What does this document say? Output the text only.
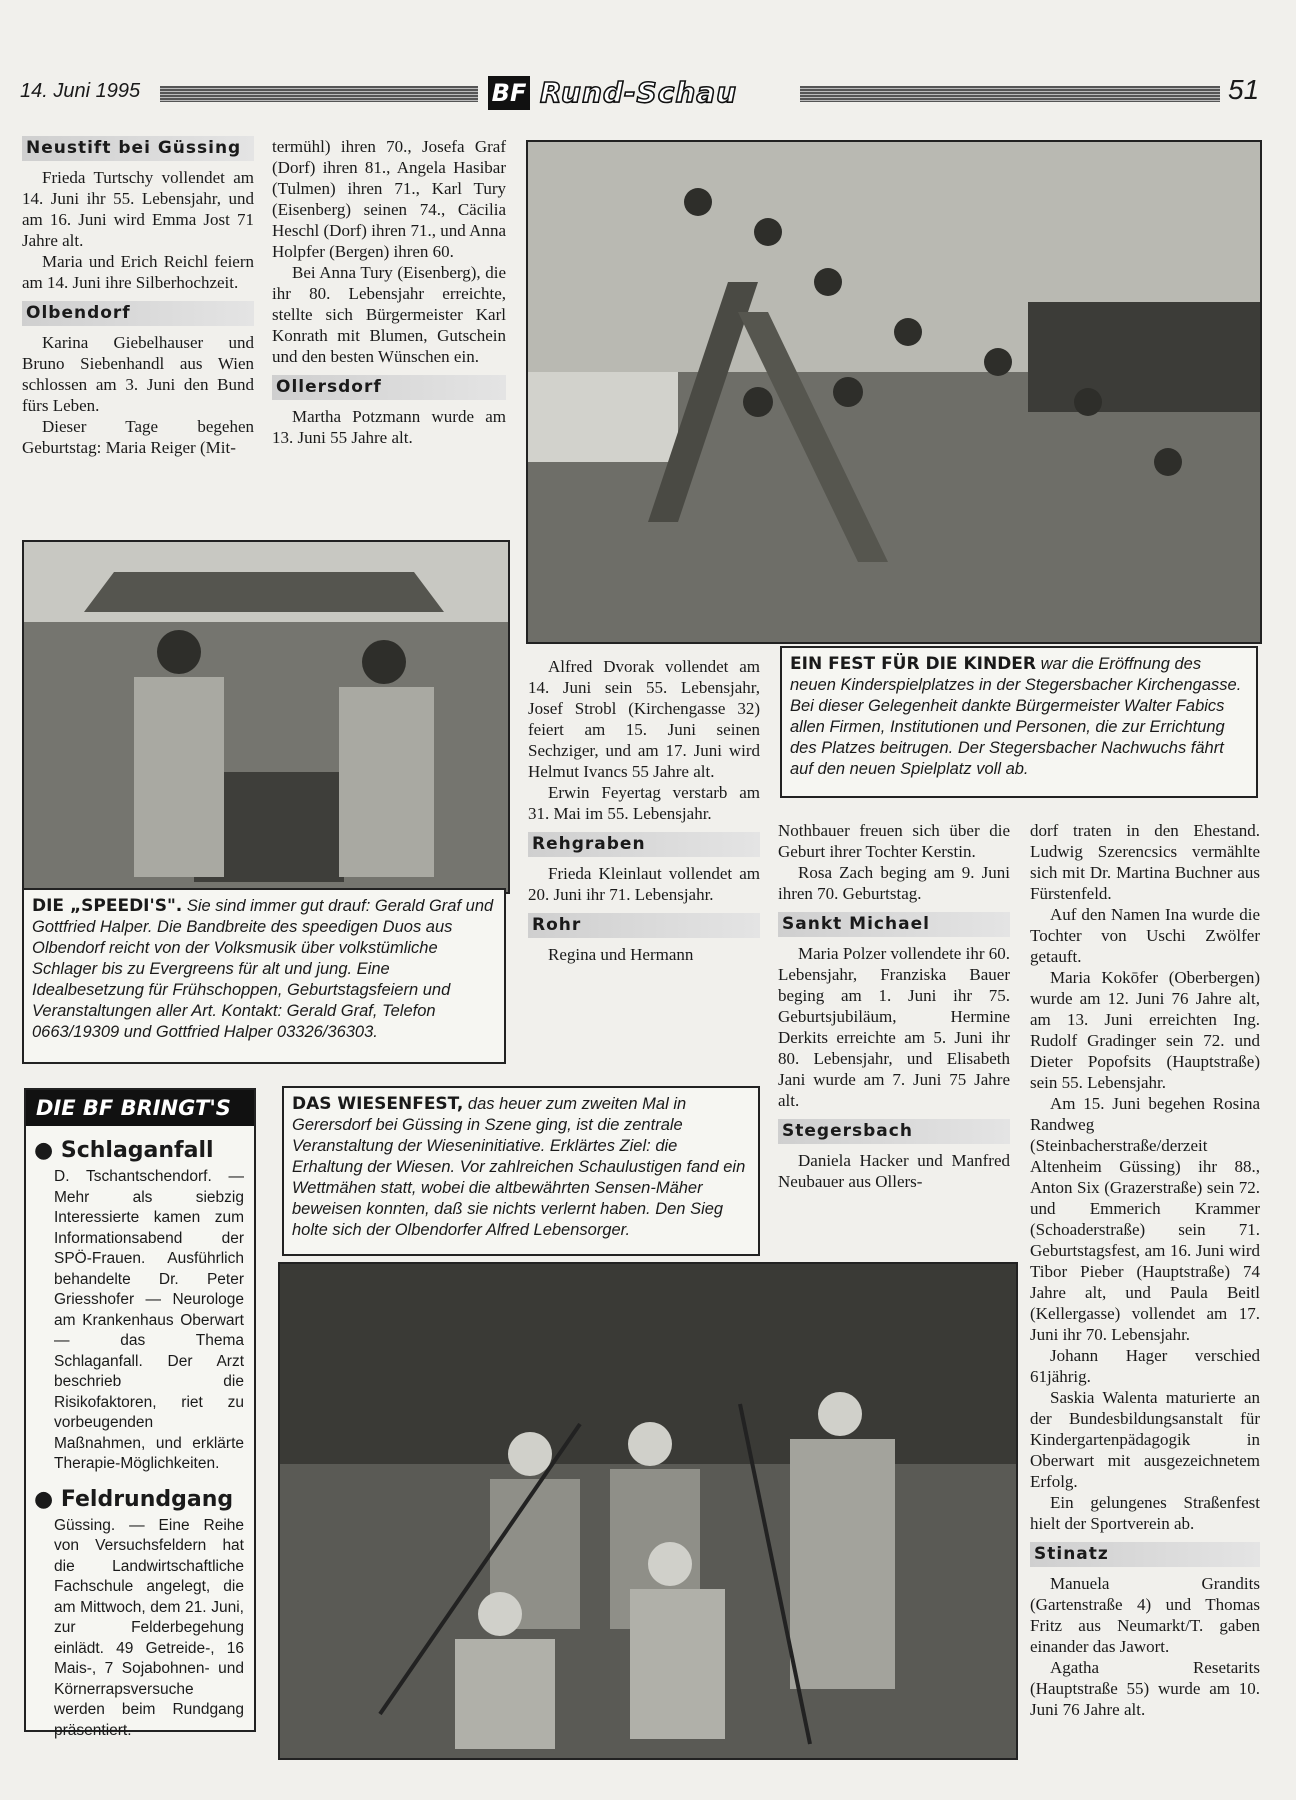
14. Juni 1995	BF Rund-Schau	51
Neustift bei Güssing

Frieda Turtschy vollendet am 14. Juni ihr 55. Lebensjahr, und am 16. Juni wird Emma Jost 71 Jahre alt.

Maria und Erich Reichl feiern am 14. Juni ihre Silberhochzeit.

Olbendorf

Karina Giebelhauser und Bruno Siebenhandl aus Wien schlossen am 3. Juni den Bund fürs Leben.

Dieser Tage begehen Geburtstag: Maria Reiger (Mit-

termühl) ihren 70., Josefa Graf (Dorf) ihren 81., Angela Hasibar (Tulmen) ihren 71., Karl Tury (Eisenberg) seinen 74., Cäcilia Heschl (Dorf) ihren 71., und Anna Holpfer (Bergen) ihren 60.

Bei Anna Tury (Eisenberg), die ihr 80. Lebensjahr erreichte, stellte sich Bürgermeister Karl Konrath mit Blumen, Gutschein und den besten Wünschen ein.

Ollersdorf

Martha Potzmann wurde am 13. Juni 55 Jahre alt.

EIN FEST FÜR DIE KINDER war die Eröffnung des neuen Kinderspielplatzes in der Stegersbacher Kirchengasse. Bei dieser Gelegenheit dankte Bürgermeister Walter Fabics allen Firmen, Institutionen und Personen, die zur Errichtung des Platzes beitrugen. Der Stegersbacher Nachwuchs fährt auf den neuen Spielplatz voll ab.
DIE „SPEEDI'S". Sie sind immer gut drauf: Gerald Graf und Gottfried Halper. Die Bandbreite des speedigen Duos aus Olbendorf reicht von der Volksmusik über volkstümliche Schlager bis zu Evergreens für alt und jung. Eine Idealbesetzung für Frühschoppen, Geburtstagsfeiern und Veranstaltungen aller Art. Kontakt: Gerald Graf, Telefon 0663/19309 und Gottfried Halper 03326/36303.

Alfred Dvorak vollendet am 14. Juni sein 55. Lebensjahr, Josef Strobl (Kirchengasse 32) feiert am 15. Juni seinen Sechziger, und am 17. Juni wird Helmut Ivancs 55 Jahre alt.

Erwin Feyertag verstarb am 31. Mai im 55. Lebensjahr.

Rehgraben

Frieda Kleinlaut vollendet am 20. Juni ihr 71. Lebensjahr.

Rohr

Regina und Hermann

Nothbauer freuen sich über die Geburt ihrer Tochter Kerstin.

Rosa Zach beging am 9. Juni ihren 70. Geburtstag.

Sankt Michael

Maria Polzer vollendete ihr 60. Lebensjahr, Franziska Bauer beging am 1. Juni ihr 75. Geburtsjubiläum, Hermine Derkits erreichte am 5. Juni ihr 80. Lebensjahr, und Elisabeth Jani wurde am 7. Juni 75 Jahre alt.

Stegersbach

Daniela Hacker und Manfred Neubauer aus Ollers-

dorf traten in den Ehestand. Ludwig Szerencsics vermählte sich mit Dr. Martina Buchner aus Fürstenfeld.

Auf den Namen Ina wurde die Tochter von Uschi Zwölfer getauft.

Maria Kokōfer (Oberbergen) wurde am 12. Juni 76 Jahre alt, am 13. Juni erreichten Ing. Rudolf Gradinger sein 72. und Dieter Popofsits (Hauptstraße) sein 55. Lebensjahr.

Am 15. Juni begehen Rosina Randweg (Steinbacherstraße/derzeit Altenheim Güssing) ihr 88., Anton Six (Grazerstraße) sein 72. und Emmerich Krammer (Schoaderstraße) sein 71. Geburtstagsfest, am 16. Juni wird Tibor Pieber (Hauptstraße) 74 Jahre alt, und Paula Beitl (Kellergasse) vollendet am 17. Juni ihr 70. Lebensjahr.

Johann Hager verschied 61jährig.

Saskia Walenta maturierte an der Bundesbildungsanstalt für Kindergartenpädagogik in Oberwart mit ausgezeichnetem Erfolg.

Ein gelungenes Straßenfest hielt der Sportverein ab.

Stinatz

Manuela Grandits (Gartenstraße 4) und Thomas Fritz aus Neumarkt/T. gaben einander das Jawort.

Agatha Resetarits (Hauptstraße 55) wurde am 10. Juni 76 Jahre alt.

DIE BF BRINGT'S
● Schlaganfall
D. Tschantschendorf. — Mehr als siebzig Interessierte kamen zum Informationsabend der SPÖ-Frauen. Ausführlich behandelte Dr. Peter Griesshofer — Neurologe am Krankenhaus Oberwart — das Thema Schlaganfall. Der Arzt beschrieb die Risikofaktoren, riet zu vorbeugenden Maßnahmen, und erklärte Therapie-Möglichkeiten.
● Feldrundgang
Güssing. — Eine Reihe von Versuchsfeldern hat die Landwirtschaftliche Fachschule angelegt, die am Mittwoch, dem 21. Juni, zur Felderbegehung einlädt. 49 Getreide-, 16 Mais-, 7 Sojabohnen- und Körnerrapsversuche werden beim Rundgang präsentiert.
DAS WIESENFEST, das heuer zum zweiten Mal in Gerersdorf bei Güssing in Szene ging, ist die zentrale Veranstaltung der Wieseninitiative. Erklärtes Ziel: die Erhaltung der Wiesen. Vor zahlreichen Schaulustigen fand ein Wettmähen statt, wobei die altbewährten Sensen-Mäher beweisen konnten, daß sie nichts verlernt haben. Den Sieg holte sich der Olbendorfer Alfred Lebensorger.
